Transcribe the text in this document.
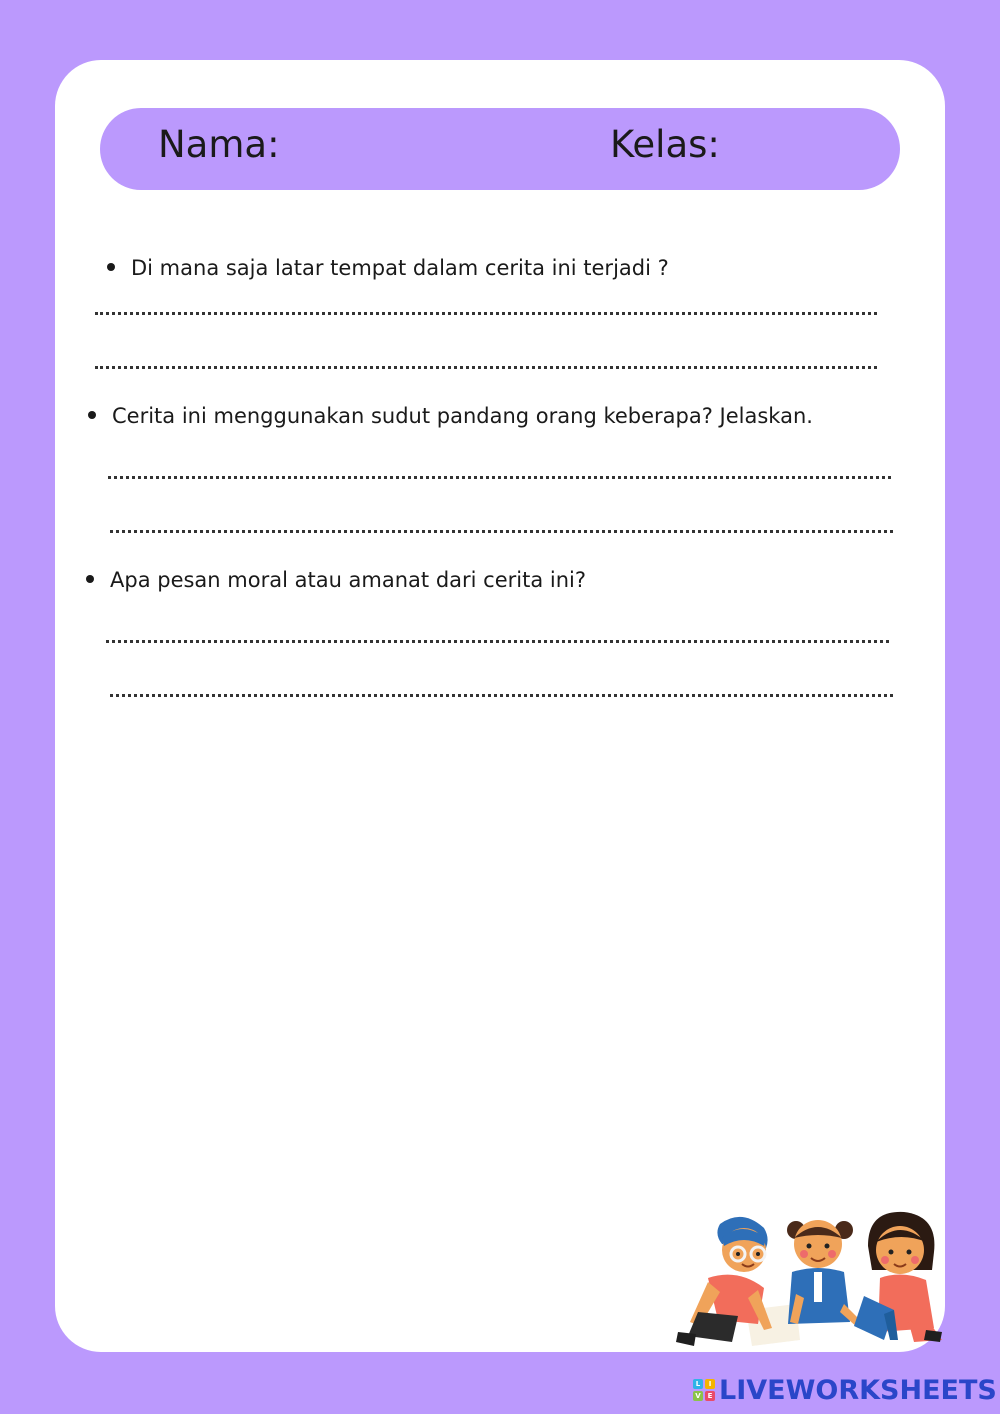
Nama:	Kelas:
Di mana saja latar tempat dalam cerita ini terjadi ?
Cerita ini menggunakan sudut pandang orang keberapa? Jelaskan.
Apa pesan moral atau amanat dari cerita ini?
L	I
V E LIVEWORKSHEETS
